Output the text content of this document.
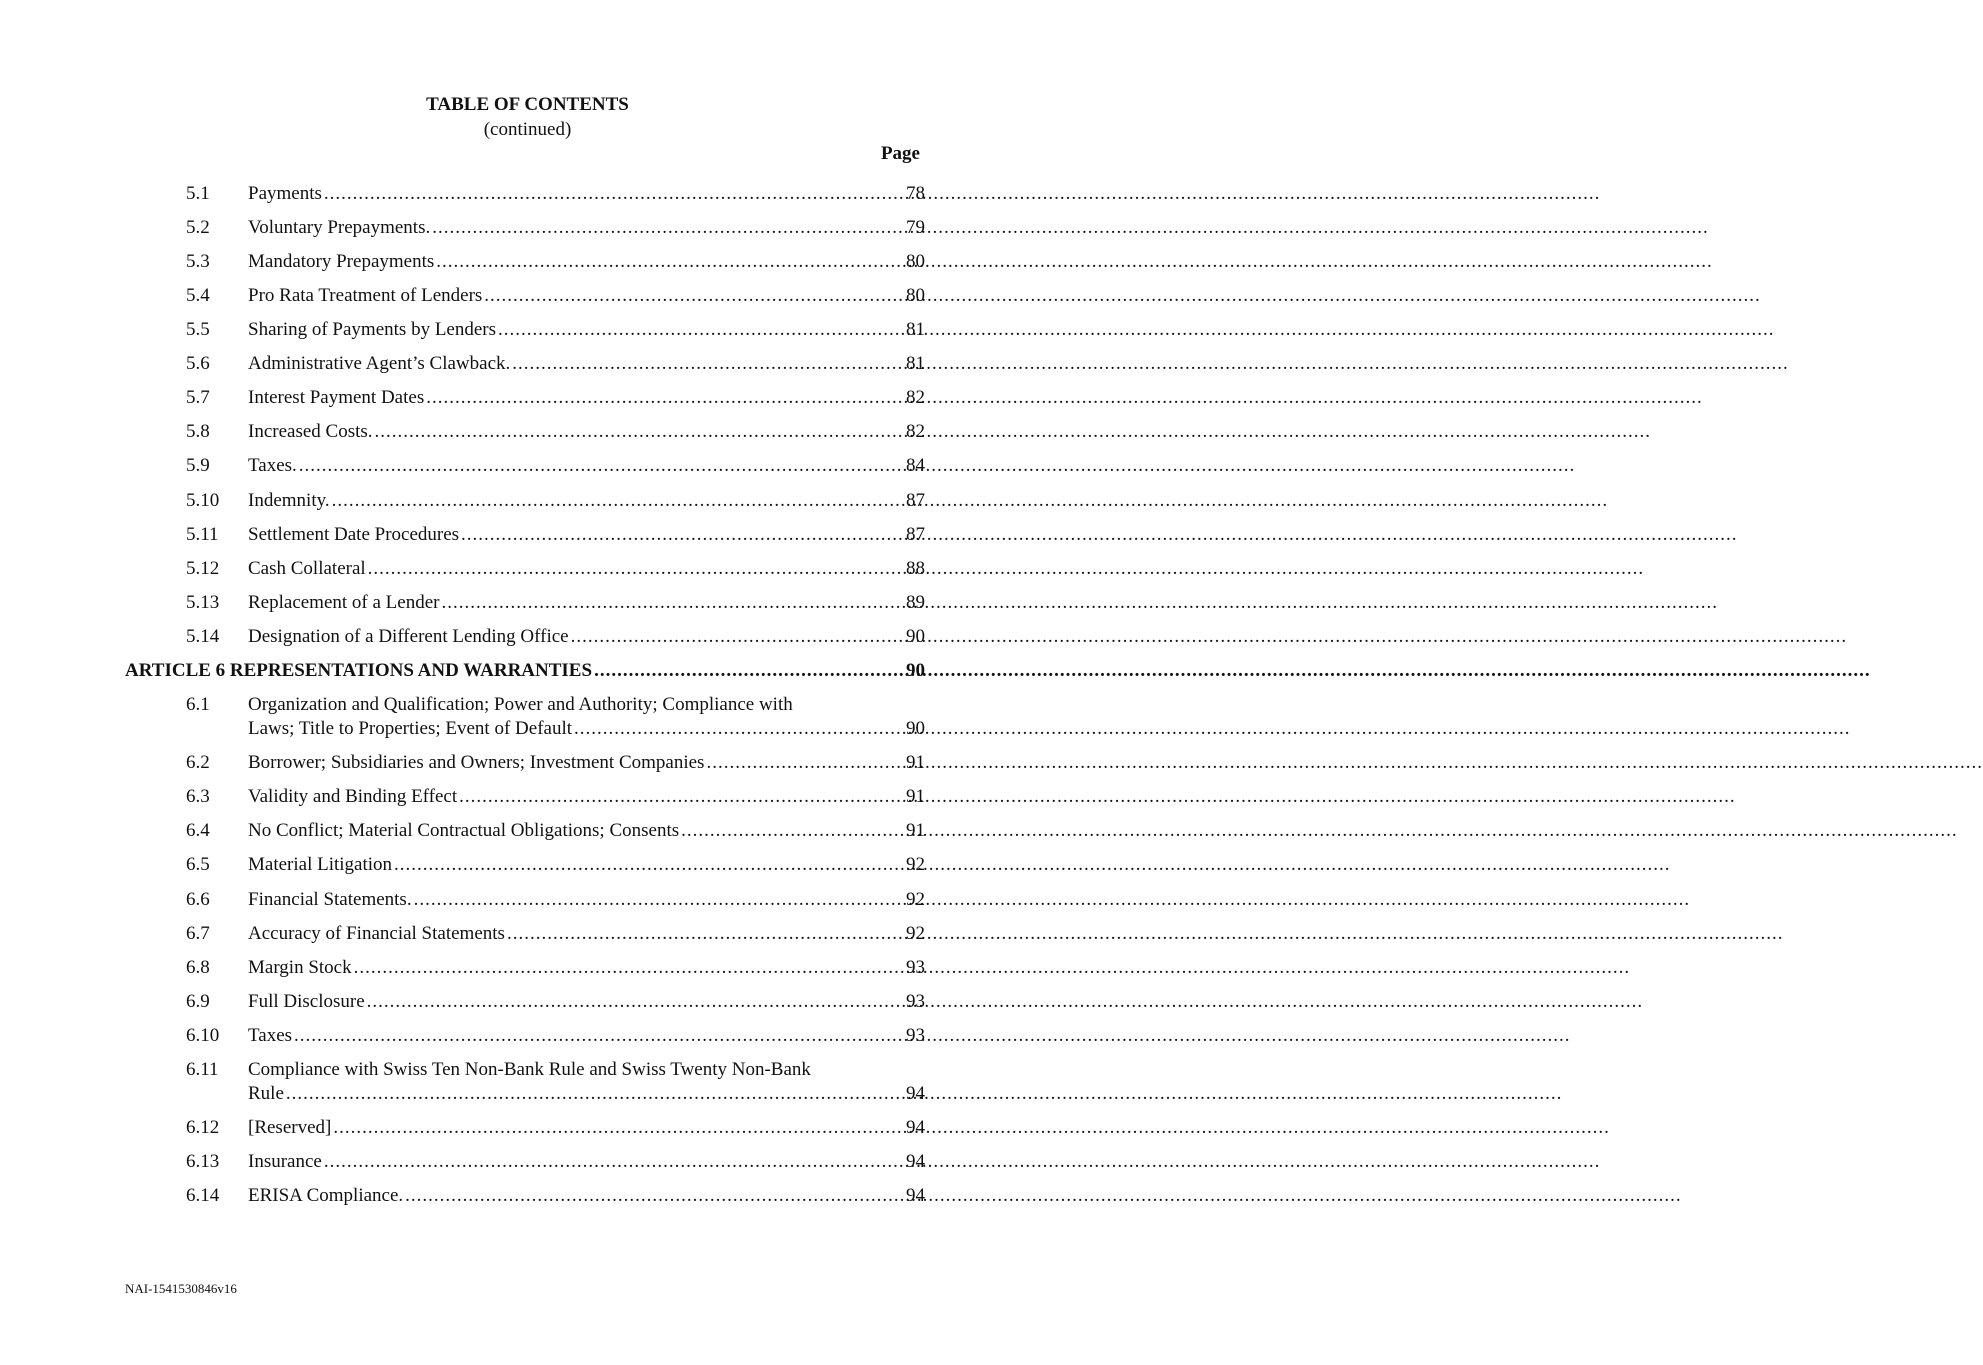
TABLE OF CONTENTS
(continued)
Page
5.1 Payments .....	78
5.2 Voluntary Prepayments. .....	79
5.3 Mandatory Prepayments .....	80
5.4 Pro Rata Treatment of Lenders .....	80
5.5 Sharing of Payments by Lenders .....	81
5.6 Administrative Agent’s Clawback. .....	81
5.7 Interest Payment Dates .....	82
5.8 Increased Costs. .....	82
5.9 Taxes. .....	84
5.10 Indemnity. .....	87
5.11 Settlement Date Procedures .....	87
5.12 Cash Collateral .....	88
5.13 Replacement of a Lender .....	89
5.14 Designation of a Different Lending Office .....	90
ARTICLE 6 REPRESENTATIONS AND WARRANTIES .....	90
6.1 Organization and Qualification; Power and Authority; Compliance with
Laws; Title to Properties; Event of Default .....	90
6.2 Borrower; Subsidiaries and Owners; Investment Companies .....	91
6.3 Validity and Binding Effect .....	91
6.4 No Conflict; Material Contractual Obligations; Consents .....	91
6.5 Material Litigation .....	92
6.6 Financial Statements. .....	92
6.7 Accuracy of Financial Statements .....	92
6.8 Margin Stock .....	93
6.9 Full Disclosure .....	93
6.10 Taxes .....	93
6.11 Compliance with Swiss Ten Non-Bank Rule and Swiss Twenty Non-Bank
Rule .....	94
6.12 [Reserved] .....	94
6.13 Insurance .....	94
6.14 ERISA Compliance. .....	94
NAI-1541530846v16
